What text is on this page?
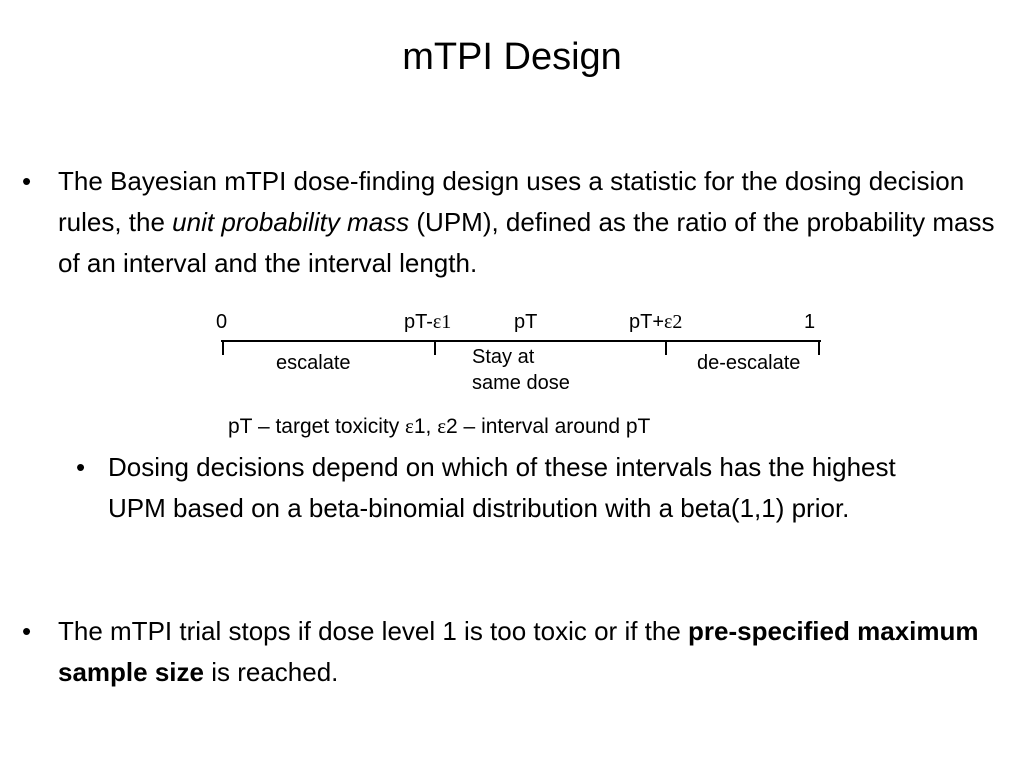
mTPI Design
•	The Bayesian mTPI dose-finding design uses a statistic for the dosing decision rules, the unit probability mass (UPM), defined as the ratio of the probability mass of an interval and the interval length.
0	pT-ε1	pT	pT+ε2	1
escalate	Stay at
same dose
de-escalate
pT – target toxicity ε1, ε2 – interval around pT
• Dosing decisions depend on which of these intervals has the highest UPM based on a beta-binomial distribution with a beta(1,1) prior.
•	The mTPI trial stops if dose level 1 is too toxic or if the pre-specified maximum sample size is reached.
